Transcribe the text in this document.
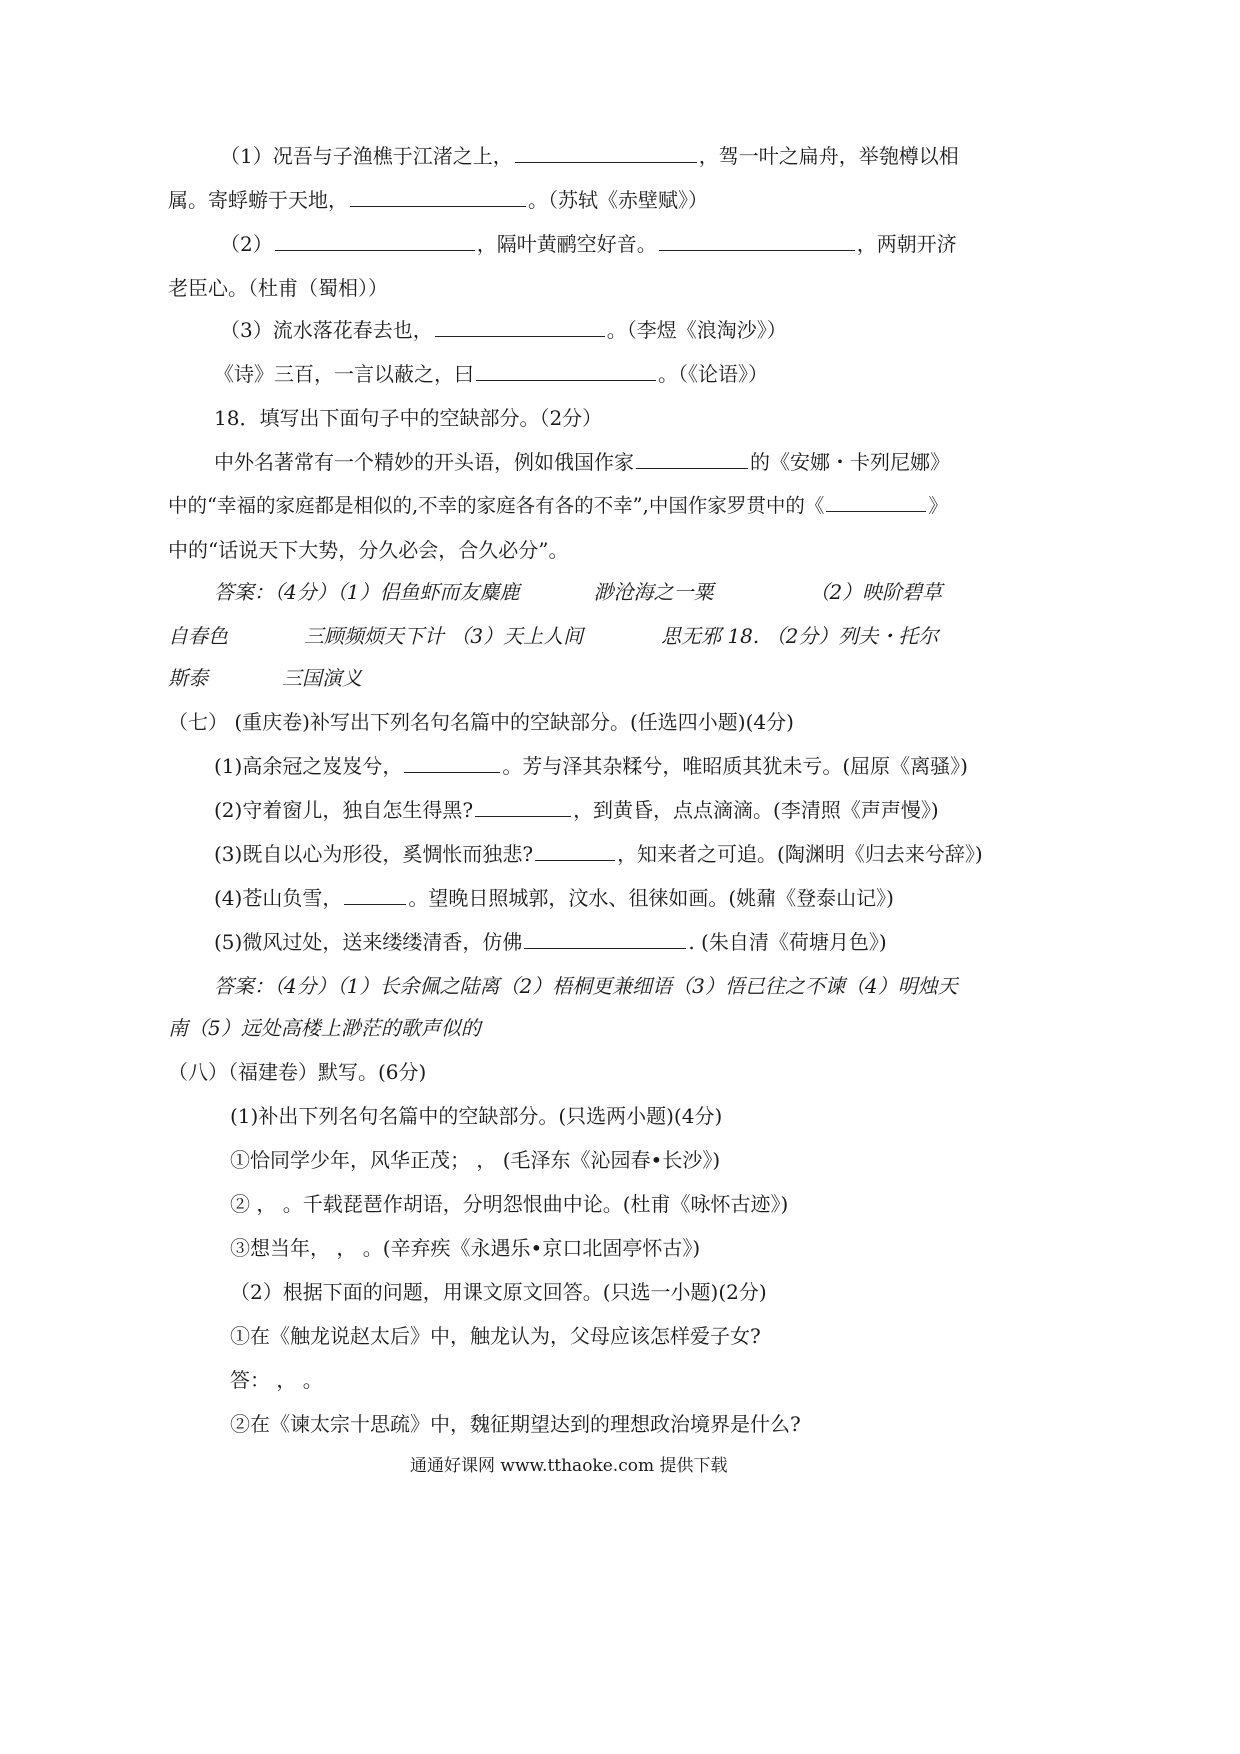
（1）况吾与子渔樵于江渚之上，	，驾一叶之扁舟，举匏樽以相
属。寄蜉蝣于天地，	。（苏轼《赤壁赋》）
（2）	，隔叶黄鹂空好音。	，两朝开济
老臣心。（杜甫（蜀相））
（3）流水落花春去也，	。（李煜《浪淘沙》）
《诗》三百，一言以蔽之，曰	。（《论语》）
18．填写出下面句子中的空缺部分。（2分）
中外名著常有一个精妙的开头语，例如俄国作家	的《安娜・卡列尼娜》
中的“幸福的家庭都是相似的,不幸的家庭各有各的不幸”,中国作家罗贯中的《	》
中的“话说天下大势，分久必会，合久必分”。
答案：（4分）（1）侣鱼虾而友麋鹿	渺沧海之一粟	（2）映阶碧草
自春色	三顾频烦天下计 （3）天上人间	思无邪 18. （2分）列夫・托尔
斯泰	三国演义
（七） (重庆卷)补写出下列名句名篇中的空缺部分。(任选四小题)(4分)
(1)高余冠之岌岌兮，	。芳与泽其杂糅兮，唯昭质其犹未亏。(屈原《离骚》)
(2)守着窗儿，独自怎生得黑?	，到黄昏，点点滴滴。(李清照《声声慢》)
(3)既自以心为形役，奚惆怅而独悲?	，知来者之可追。(陶渊明《归去来兮辞》)
(4)苍山负雪，	。望晚日照城郭，汶水、徂徕如画。(姚鼐《登泰山记》)
(5)微风过处，送来缕缕清香，仿佛	. (朱自清《荷塘月色》)
答案：（4分）（1）长余佩之陆离（2）梧桐更兼细语（3）悟已往之不谏（4）明烛天
南（5）远处高楼上渺茫的歌声似的
（八）（福建卷）默写。(6分)
(1)补出下列名句名篇中的空缺部分。(只选两小题)(4分)
①恰同学少年，风华正茂； ， (毛泽东《沁园春•长沙》)
② ， 。千载琵琶作胡语，分明怨恨曲中论。(杜甫《咏怀古迹》)
③想当年， ， 。(辛弃疾《永遇乐•京口北固亭怀古》)
（2）根据下面的问题，用课文原文回答。(只选一小题)(2分)
①在《触龙说赵太后》中，触龙认为，父母应该怎样爱子女?
答： ， 。
②在《谏太宗十思疏》中，魏征期望达到的理想政治境界是什么?
通通好课网 www.tthaoke.com 提供下载
